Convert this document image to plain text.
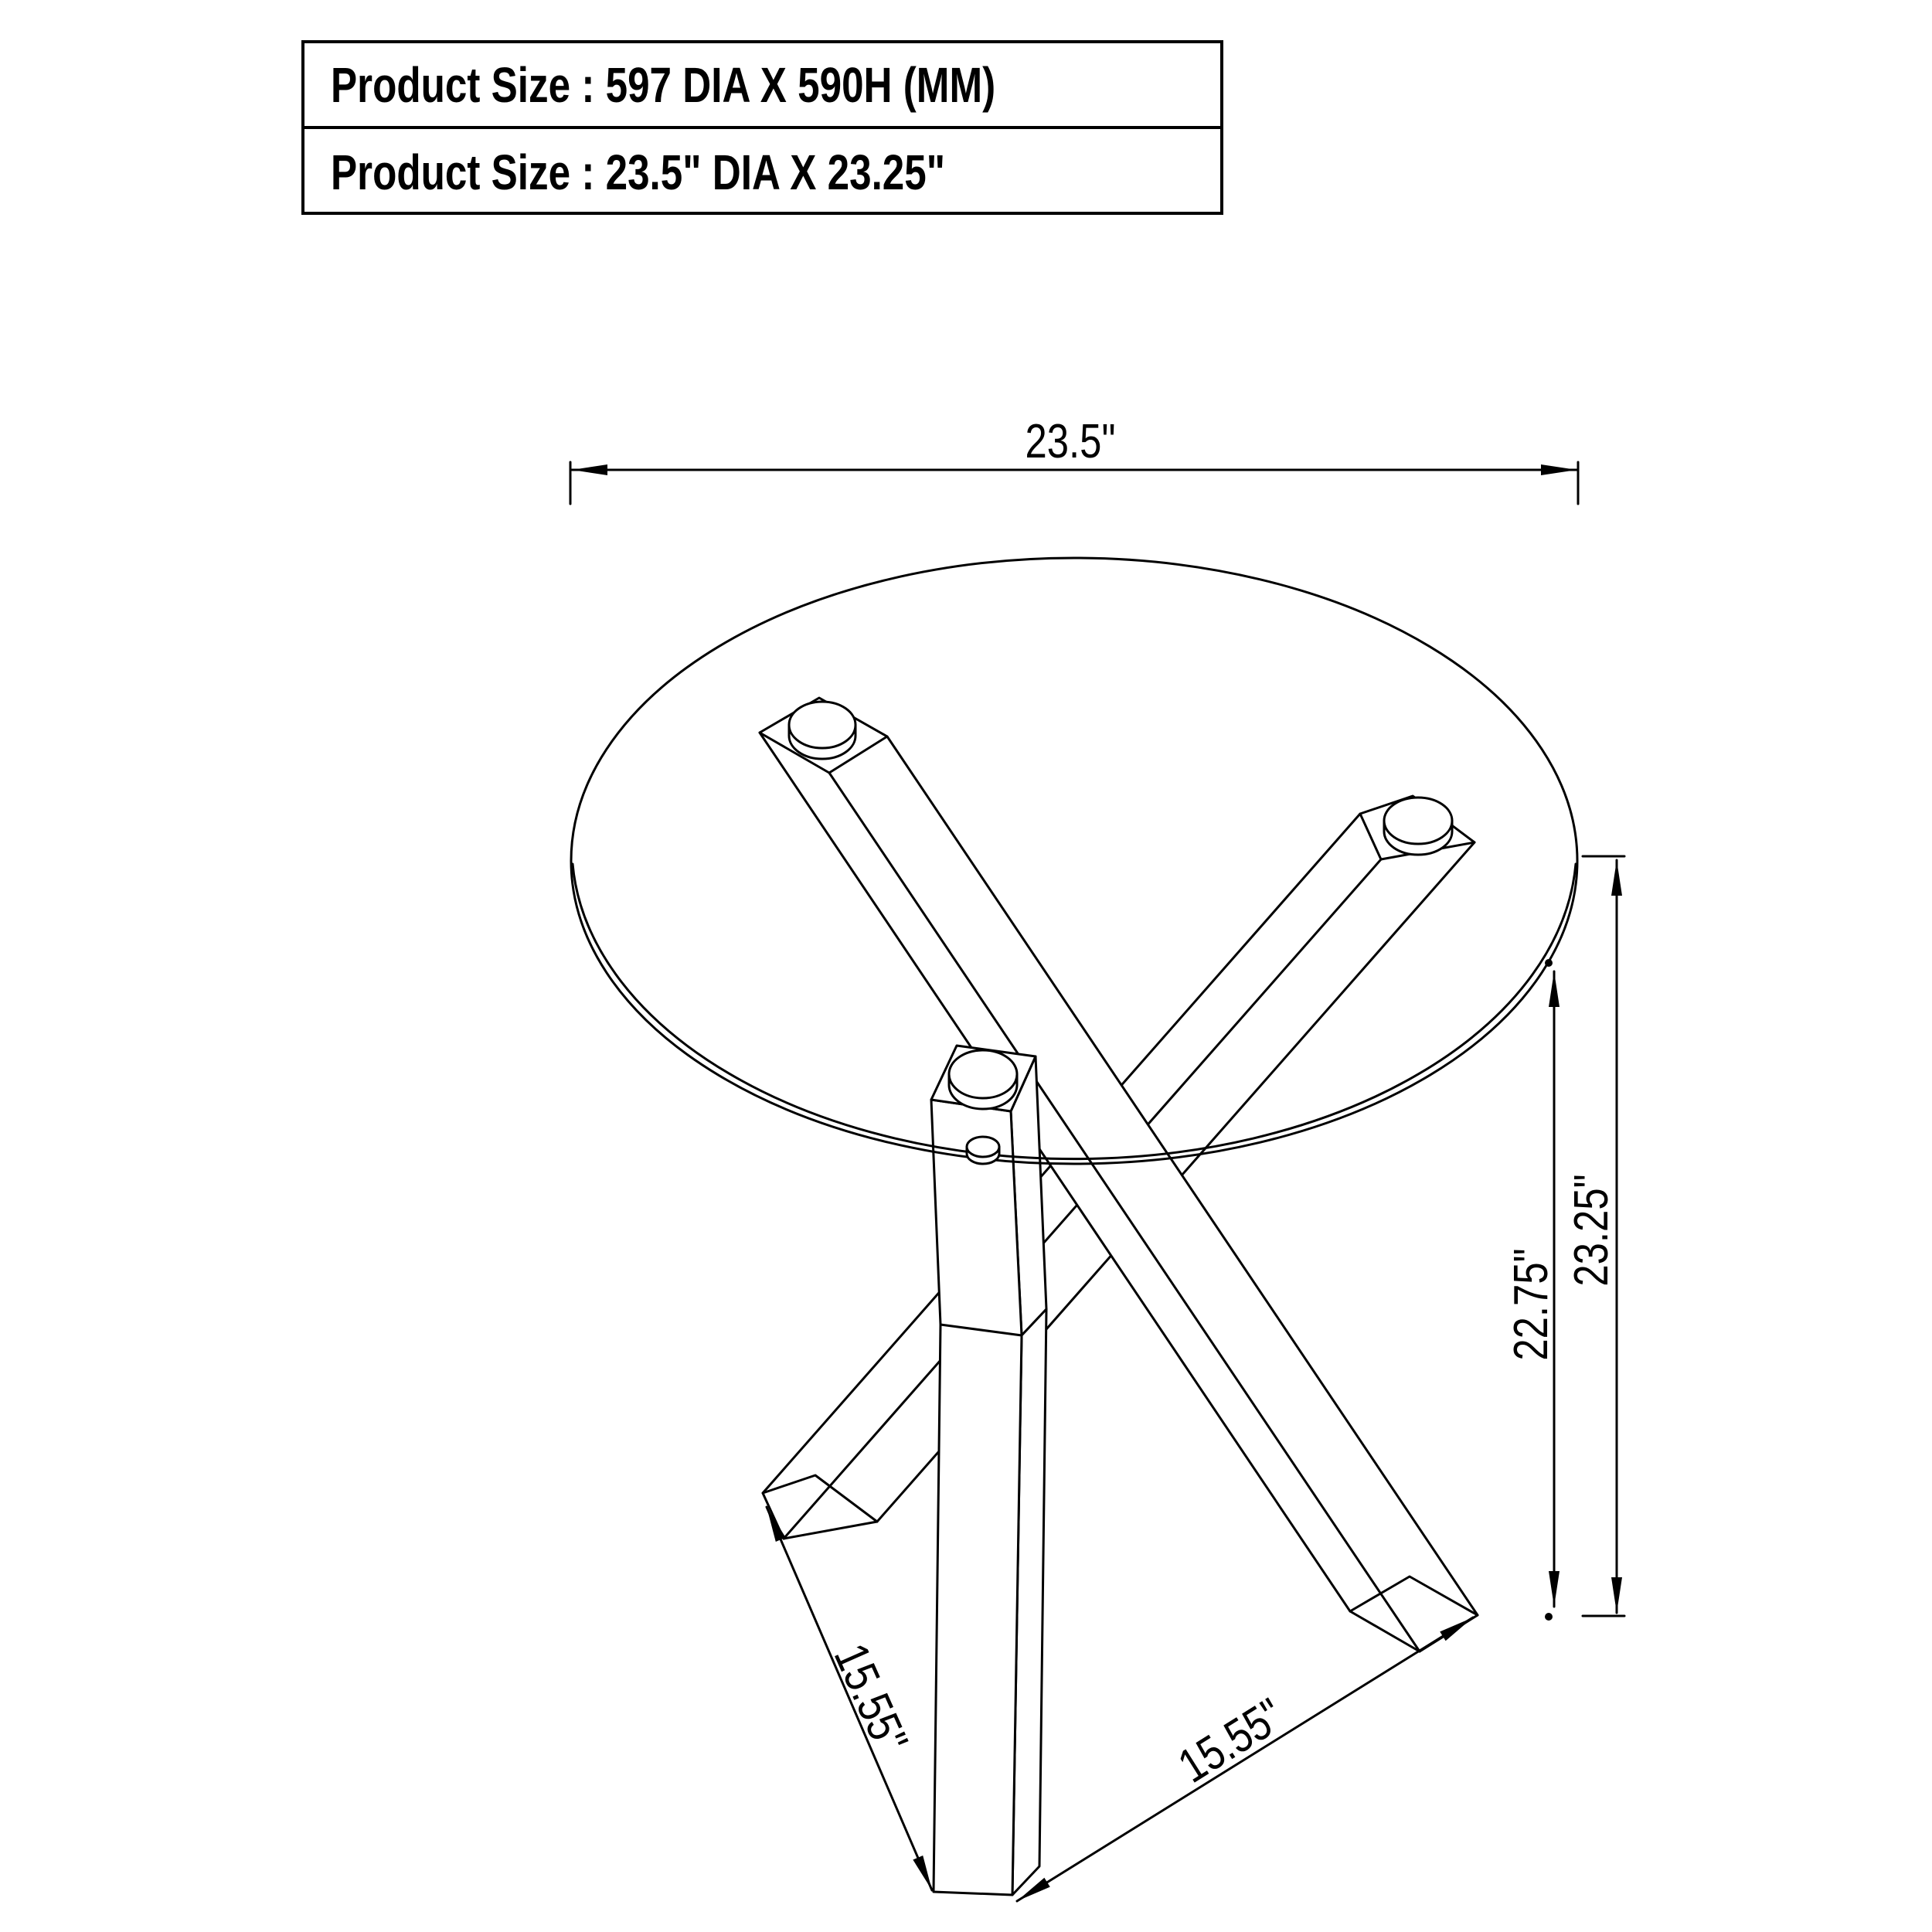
Product Size : 597 DIA X 590H (MM)
Product Size : 23.5" DIA X 23.25"
23.5"
23.25"
22.75"
15.55"	15.55"
